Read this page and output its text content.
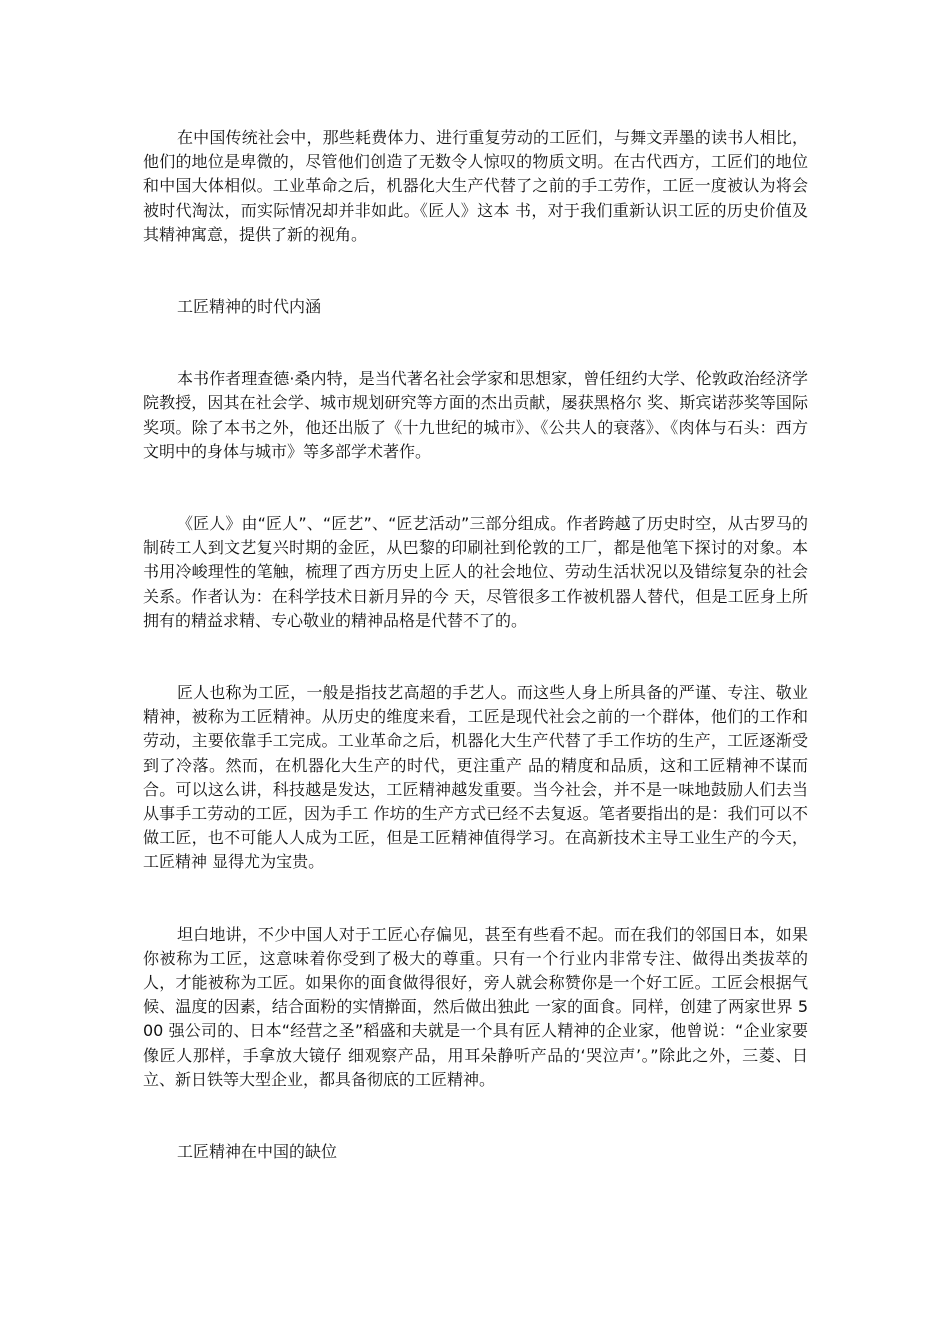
在中国传统社会中，那些耗费体力、进行重复劳动的工匠们，与舞文弄墨的读书人相比，他们的地位是卑微的，尽管他们创造了无数令人惊叹的物质文明。在古代西方，工匠们的地位和中国大体相似。工业革命之后，机器化大生产代替了之前的手工劳作，工匠一度被认为将会被时代淘汰，而实际情况却并非如此。《匠人》这本 书，对于我们重新认识工匠的历史价值及其精神寓意，提供了新的视角。

工匠精神的时代内涵

本书作者理查德·桑内特，是当代著名社会学家和思想家，曾任纽约大学、伦敦政治经济学院教授，因其在社会学、城市规划研究等方面的杰出贡献，屡获黑格尔 奖、斯宾诺莎奖等国际奖项。除了本书之外，他还出版了《十九世纪的城市》、《公共人的衰落》、《肉体与石头：西方文明中的身体与城市》等多部学术著作。

《匠人》由“匠人”、“匠艺”、“匠艺活动”三部分组成。作者跨越了历史时空，从古罗马的制砖工人到文艺复兴时期的金匠，从巴黎的印刷社到伦敦的工厂，都是他笔下探讨的对象。本书用冷峻理性的笔触，梳理了西方历史上匠人的社会地位、劳动生活状况以及错综复杂的社会关系。作者认为：在科学技术日新月异的今 天，尽管很多工作被机器人替代，但是工匠身上所拥有的精益求精、专心敬业的精神品格是代替不了的。

匠人也称为工匠，一般是指技艺高超的手艺人。而这些人身上所具备的严谨、专注、敬业精神，被称为工匠精神。从历史的维度来看，工匠是现代社会之前的一个群体，他们的工作和劳动，主要依靠手工完成。工业革命之后，机器化大生产代替了手工作坊的生产，工匠逐渐受到了冷落。然而，在机器化大生产的时代，更注重产 品的精度和品质，这和工匠精神不谋而合。可以这么讲，科技越是发达，工匠精神越发重要。当今社会，并不是一味地鼓励人们去当从事手工劳动的工匠，因为手工 作坊的生产方式已经不去复返。笔者要指出的是：我们可以不做工匠，也不可能人人成为工匠，但是工匠精神值得学习。在高新技术主导工业生产的今天，工匠精神 显得尤为宝贵。

坦白地讲，不少中国人对于工匠心存偏见，甚至有些看不起。而在我们的邻国日本，如果你被称为工匠，这意味着你受到了极大的尊重。只有一个行业内非常专注、做得出类拔萃的人，才能被称为工匠。如果你的面食做得很好，旁人就会称赞你是一个好工匠。工匠会根据气候、温度的因素，结合面粉的实情擀面，然后做出独此 一家的面食。同样，创建了两家世界 500 强公司的、日本“经营之圣”稻盛和夫就是一个具有匠人精神的企业家，他曾说：“企业家要像匠人那样，手拿放大镜仔 细观察产品，用耳朵静听产品的‘哭泣声’。”除此之外，三菱、日立、新日铁等大型企业，都具备彻底的工匠精神。

工匠精神在中国的缺位
